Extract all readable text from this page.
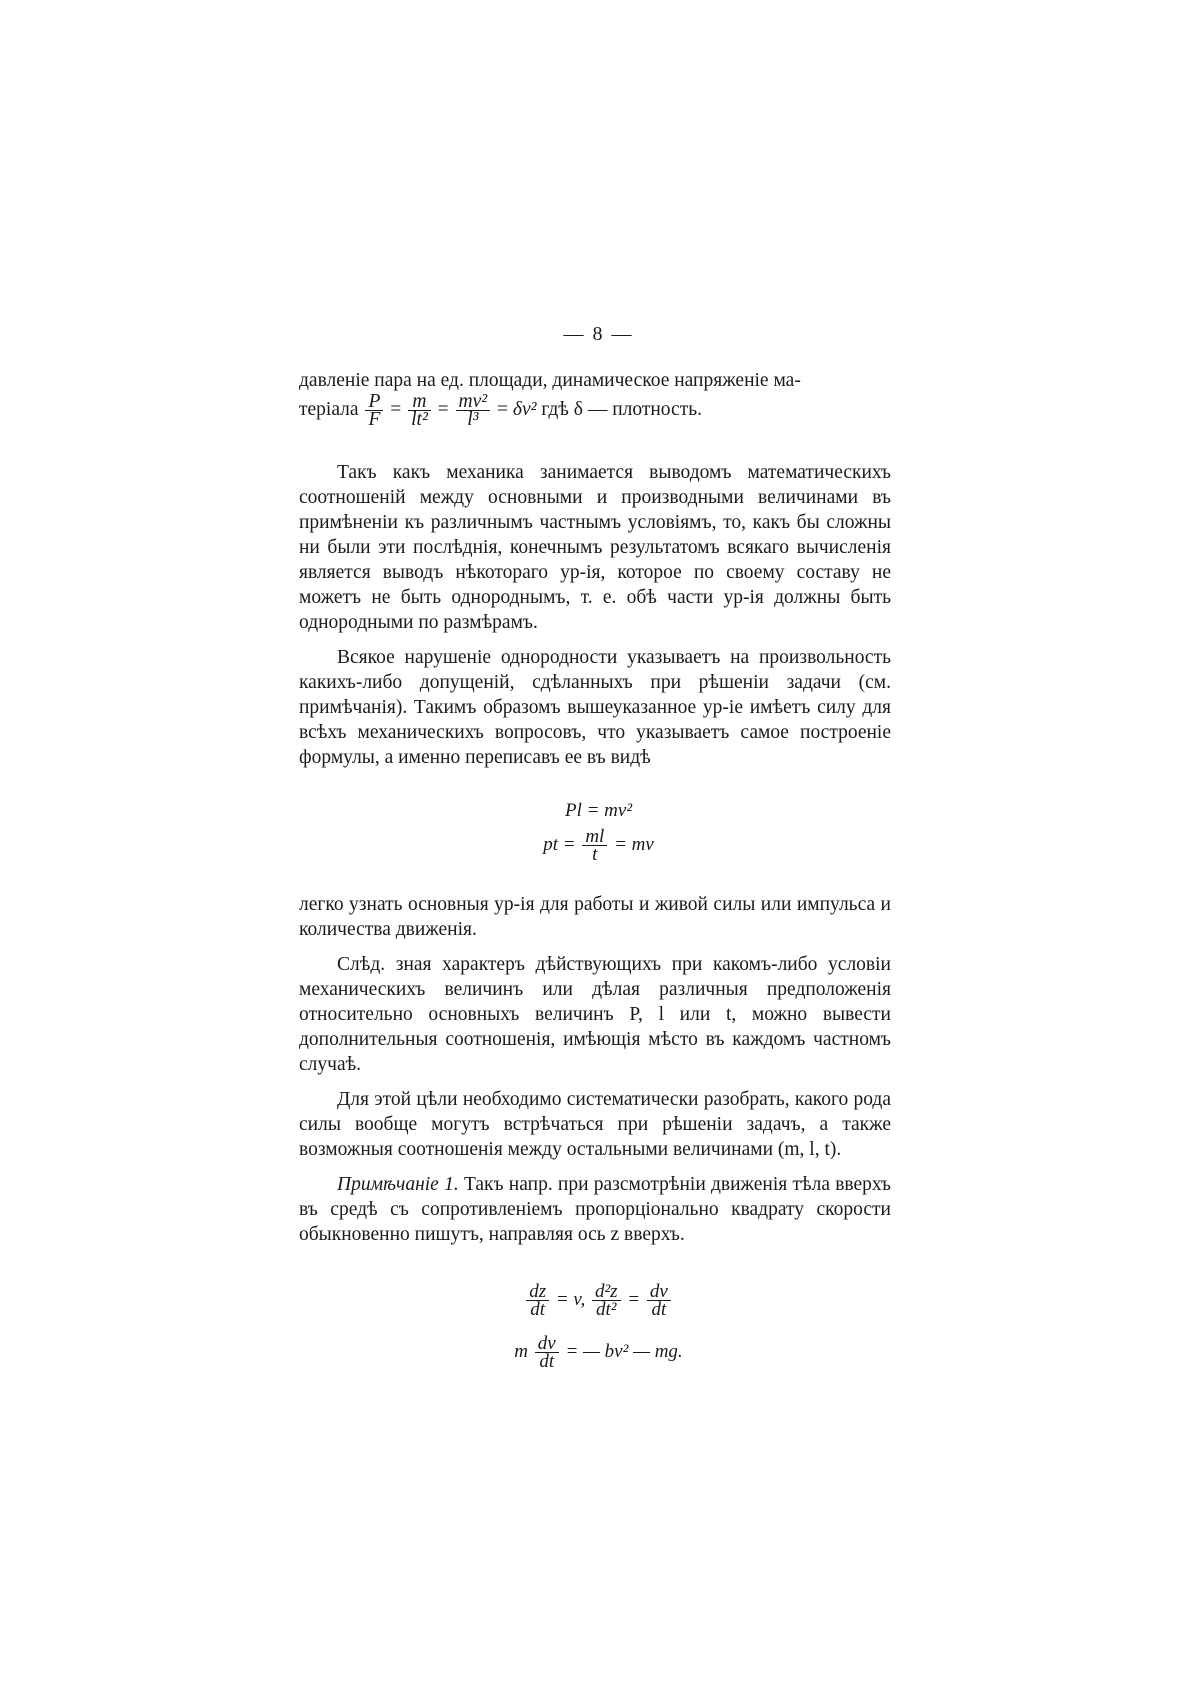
— 8 —

давленіе пара на ед. площади, динамическое напряженіе ма-

теріала $\frac{P}{F} = \frac{m}{\text{lt²}} = \frac{\text{mv²}}{\text{l³}} = \delta v^2$ гдѣ δ — плотность.

Такъ какъ механика занимается выводомъ математическихъ соотношеній между основными и производными величинами въ примѣненіи къ различнымъ частнымъ условіямъ, то, какъ бы сложны ни были эти послѣднія, конечнымъ результатомъ всякаго вычисленія является выводъ нѣкотораго ур-ія, которое по своему составу не можетъ не быть однороднымъ, т. е. обѣ части ур-ія должны быть однородными по размѣрамъ.

Всякое нарушеніе однородности указываетъ на произвольность какихъ-либо допущеній, сдѣланныхъ при рѣшеніи задачи (см. примѣчанія). Такимъ образомъ вышеуказанное ур-іе имѣетъ силу для всѣхъ механическихъ вопросовъ, что указываетъ самое построеніе формулы, а именно переписавъ ее въ видѣ

Pl = mv²
pt = $\frac{ml}{t}$ = mv

легко узнать основныя ур-ія для работы и живой силы или импульса и количества движенія.

Слѣд. зная характеръ дѣйствующихъ при какомъ-либо условіи механическихъ величинъ или дѣлая различныя предположенія относительно основныхъ величинъ P, l или t, можно вывести дополнительныя соотношенія, имѣющія мѣсто въ каждомъ частномъ случаѣ.

Для этой цѣли необходимо систематически разобрать, какого рода силы вообще могутъ встрѣчаться при рѣшеніи задачъ, а также возможныя соотношенія между остальными величинами (m, l, t).

Примѣчаніе 1. Такъ напр. при разсмотрѣніи движенія тѣла вверхъ въ средѣ съ сопротивленіемъ пропорціонально квадрату скорости обыкновенно пишутъ, направляя ось z вверхъ.

$\frac{dz}{dt} = v$, $\frac{\text{d²z}}{\text{dt²}} = \frac{dv}{dt}$
m $\frac{dv}{dt}$ = — bv² — mg.
